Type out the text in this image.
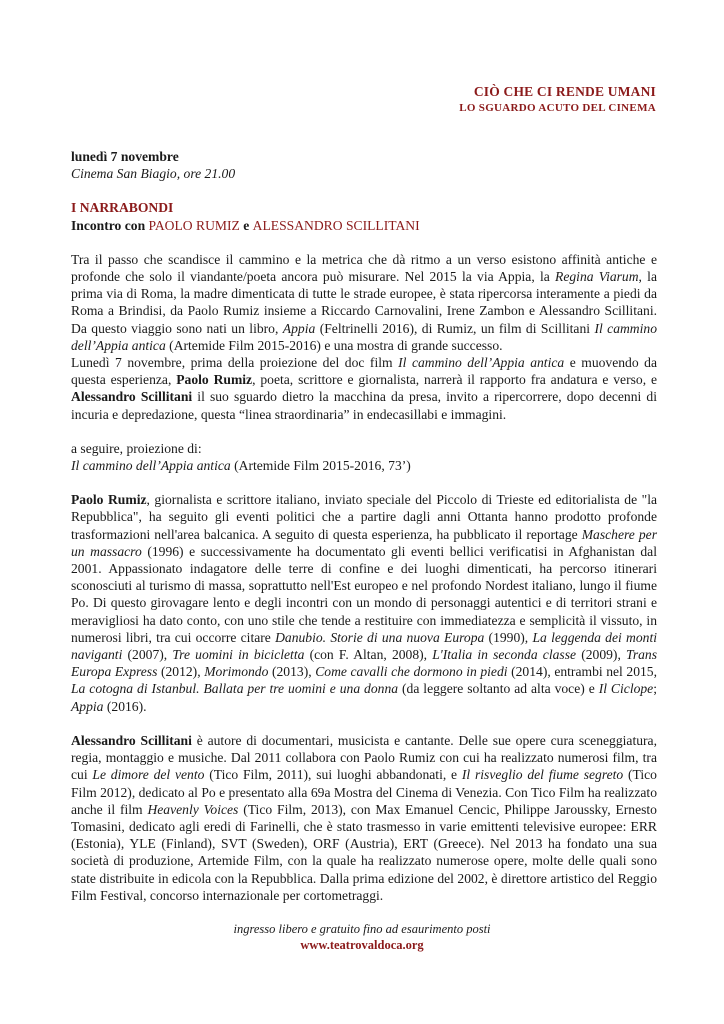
CIÒ CHE CI RENDE UMANI
LO SGUARDO ACUTO DEL CINEMA
lunedì 7 novembre
Cinema San Biagio, ore 21.00
I NARRABONDI
Incontro con PAOLO RUMIZ e ALESSANDRO SCILLITANI

Tra il passo che scandisce il cammino e la metrica che dà ritmo a un verso esistono affinità antiche e profonde che solo il viandante/poeta ancora può misurare. Nel 2015 la via Appia, la Regina Viarum, la prima via di Roma, la madre dimenticata di tutte le strade europee, è stata ripercorsa interamente a piedi da Roma a Brindisi, da Paolo Rumiz insieme a Riccardo Carnovalini, Irene Zambon e Alessandro Scillitani. Da questo viaggio sono nati un libro, Appia (Feltrinelli 2016), di Rumiz, un film di Scillitani Il cammino dell’Appia antica (Artemide Film 2015-2016) e una mostra di grande successo.

Lunedì 7 novembre, prima della proiezione del doc film Il cammino dell’Appia antica e muovendo da questa esperienza, Paolo Rumiz, poeta, scrittore e giornalista, narrerà il rapporto fra andatura e verso, e Alessandro Scillitani il suo sguardo dietro la macchina da presa, invito a ripercorrere, dopo decenni di incuria e depredazione, questa “linea straordinaria” in endecasillabi e immagini.

a seguire, proiezione di:
Il cammino dell’Appia antica (Artemide Film 2015-2016, 73’)

Paolo Rumiz, giornalista e scrittore italiano, inviato speciale del Piccolo di Trieste ed editorialista de "la Repubblica", ha seguito gli eventi politici che a partire dagli anni Ottanta hanno prodotto profonde trasformazioni nell'area balcanica. A seguito di questa esperienza, ha pubblicato il reportage Maschere per un massacro (1996) e successivamente ha documentato gli eventi bellici verificatisi in Afghanistan dal 2001. Appassionato indagatore delle terre di confine e dei luoghi dimenticati, ha percorso itinerari sconosciuti al turismo di massa, soprattutto nell'Est europeo e nel profondo Nordest italiano, lungo il fiume Po. Di questo girovagare lento e degli incontri con un mondo di personaggi autentici e di territori strani e meravigliosi ha dato conto, con uno stile che tende a restituire con immediatezza e semplicità il vissuto, in numerosi libri, tra cui occorre citare Danubio. Storie di una nuova Europa (1990), La leggenda dei monti naviganti (2007), Tre uomini in bicicletta (con F. Altan, 2008), L'Italia in seconda classe (2009), Trans Europa Express (2012), Morimondo (2013), Come cavalli che dormono in piedi (2014), entrambi nel 2015, La cotogna di Istanbul. Ballata per tre uomini e una donna (da leggere soltanto ad alta voce) e Il Ciclope; Appia (2016).

Alessandro Scillitani è autore di documentari, musicista e cantante. Delle sue opere cura sceneggiatura, regia, montaggio e musiche. Dal 2011 collabora con Paolo Rumiz con cui ha realizzato numerosi film, tra cui Le dimore del vento (Tico Film, 2011), sui luoghi abbandonati, e Il risveglio del fiume segreto (Tico Film 2012), dedicato al Po e presentato alla 69a Mostra del Cinema di Venezia. Con Tico Film ha realizzato anche il film Heavenly Voices (Tico Film, 2013), con Max Emanuel Cencic, Philippe Jaroussky, Ernesto Tomasini, dedicato agli eredi di Farinelli, che è stato trasmesso in varie emittenti televisive europee: ERR (Estonia), YLE (Finland), SVT (Sweden), ORF (Austria), ERT (Greece). Nel 2013 ha fondato una sua società di produzione, Artemide Film, con la quale ha realizzato numerose opere, molte delle quali sono state distribuite in edicola con la Repubblica. Dalla prima edizione del 2002, è direttore artistico del Reggio Film Festival, concorso internazionale per cortometraggi.

ingresso libero e gratuito fino ad esaurimento posti
www.teatrovaldoca.org
